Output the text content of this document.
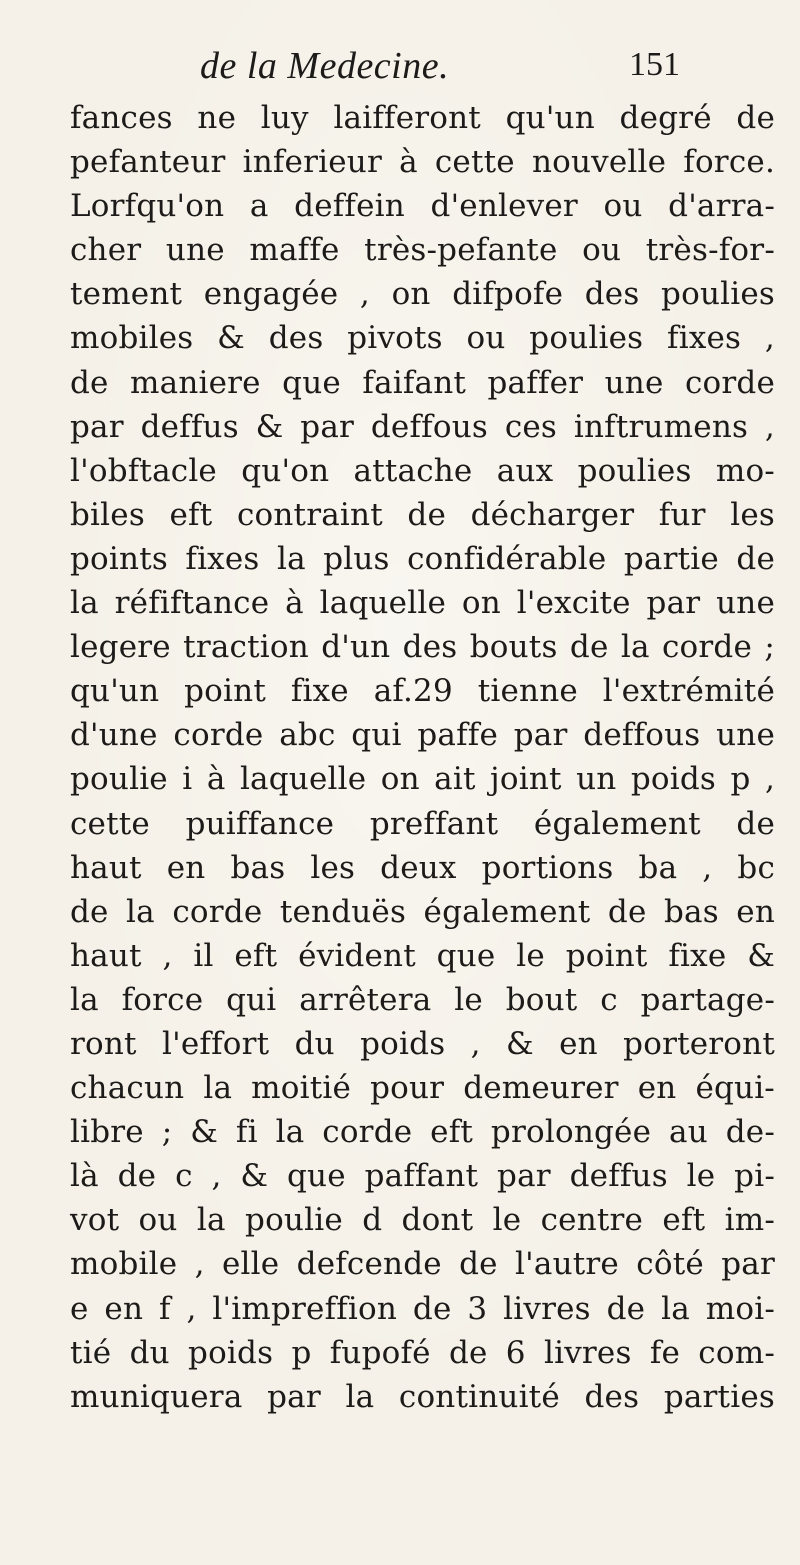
de la Medecine.	151
fances ne luy laifferont qu'un degré de
pefanteur inferieur à cette nouvelle force.
Lorfqu'on a deffein d'enlever ou d'arra-
cher une maffe très-pefante ou très-for-
tement engagée , on difpofe des poulies
mobiles & des pivots ou poulies fixes ,
de maniere que faifant paffer une corde
par deffus & par deffous ces inftrumens ,
l'obftacle qu'on attache aux poulies mo-
biles eft contraint de décharger fur les
points fixes la plus confidérable partie de
la réfiftance à laquelle on l'excite par une
legere traction d'un des bouts de la corde ;
qu'un point fixe af.29 tienne l'extrémité
d'une corde abc qui paffe par deffous une
poulie i à laquelle on ait joint un poids p ,
cette puiffance preffant également de
haut en bas les deux portions ba , bc
de la corde tenduës également de bas en
haut , il eft évident que le point fixe &
la force qui arrêtera le bout c partage-
ront l'effort du poids , & en porteront
chacun la moitié pour demeurer en équi-
libre ; & fi la corde eft prolongée au de-
là de c , & que paffant par deffus le pi-
vot ou la poulie d dont le centre eft im-
mobile , elle defcende de l'autre côté par
e en f , l'impreffion de 3 livres de la moi-
tié du poids p fupofé de 6 livres fe com-
muniquera par la continuité des parties
